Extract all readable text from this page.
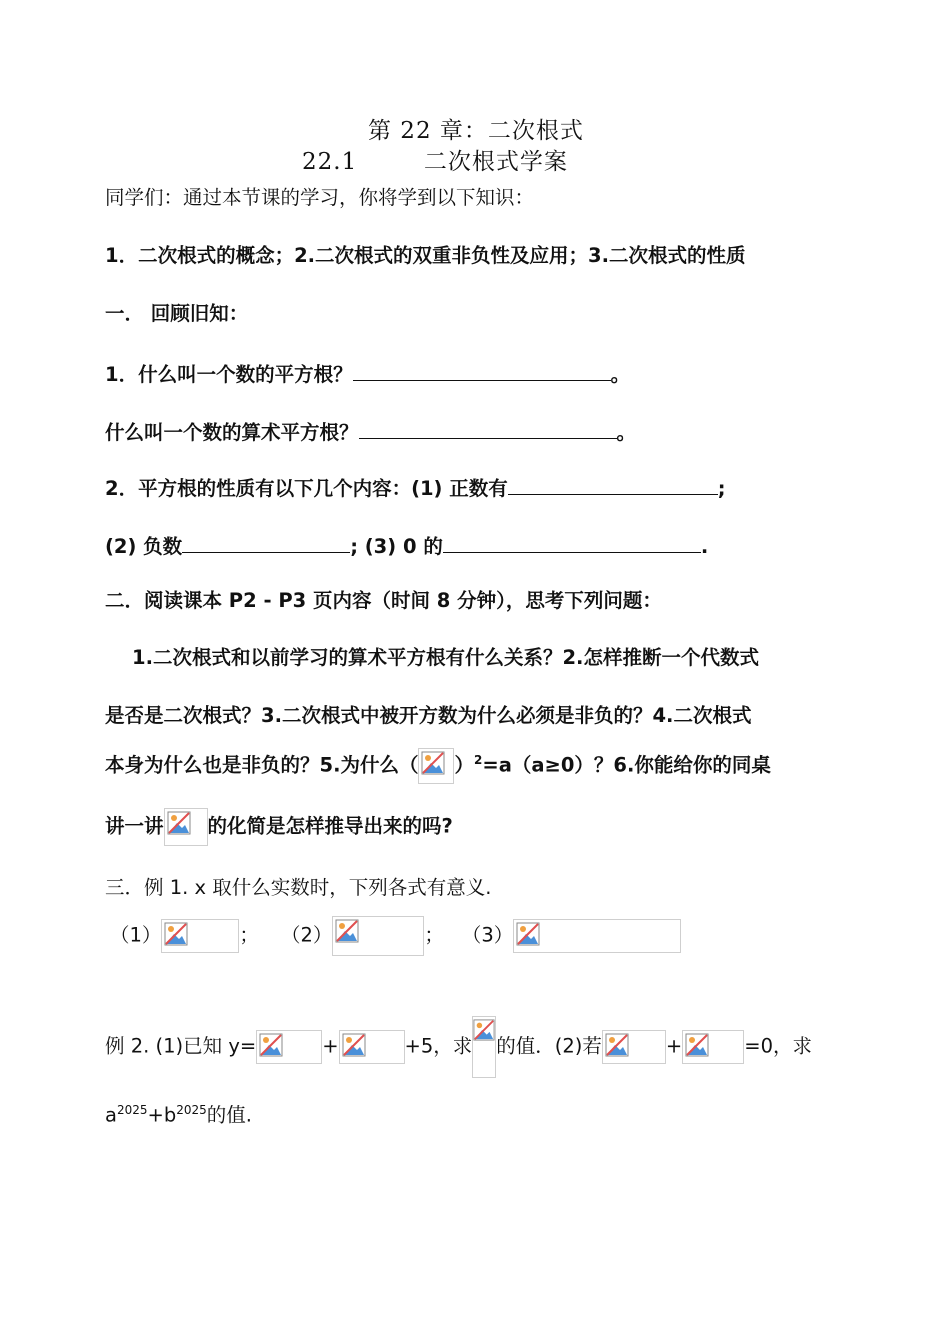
第 22 章：二次根式
22.1	二次根式学案
同学们：通过本节课的学习，你将学到以下知识：
1．二次根式的概念；2.二次根式的双重非负性及应用；3.二次根式的性质
一． 回顾旧知：
1．什么叫一个数的平方根？	。
什么叫一个数的算术平方根？	。
2．平方根的性质有以下几个内容：(1) 正数有	;
(2) 负数	; (3) 0 的	.
二．阅读课本 P2 - P3 页内容（时间 8 分钟），思考下列问题：
1.二次根式和以前学习的算术平方根有什么关系？2.怎样推断一个代数式
是否是二次根式？3.二次根式中被开方数为什么必须是非负的？4.二次根式
本身为什么也是非负的？5.为什么（ ）$^2$=a（a≥0）？6.你能给你的同桌
讲一讲 的化简是怎样推导出来的吗?
三．例 1. x 取什么实数时，下列各式有意义.
（1）	； （2）	； （3）
例 2. (1)已知 y=	+	+5，求 的值．(2)若	+	=0，求
$a^{2025}+b^{2025}$的值.
